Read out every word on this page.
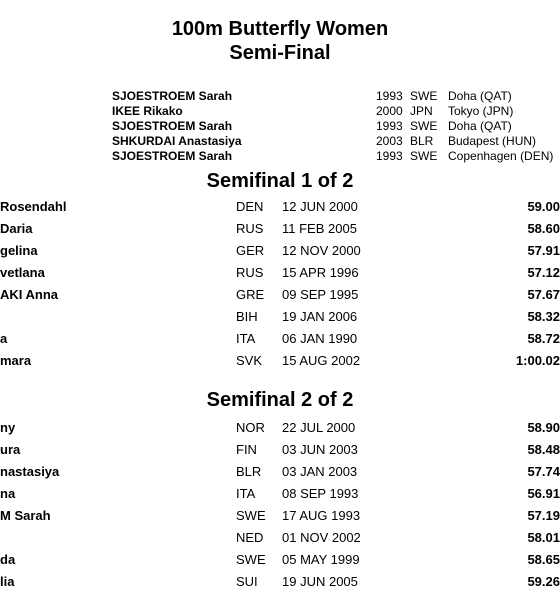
100m Butterfly Women
Semi-Final
SJOESTROEM Sarah	1993 SWE Doha (QAT)
IKEE Rikako	2000 JPN Tokyo (JPN)
SJOESTROEM Sarah	1993 SWE Doha (QAT)
SHKURDAI Anastasiya	2003 BLR Budapest (HUN)
SJOESTROEM Sarah	1993 SWE Copenhagen (DEN)
Semifinal 1 of 2
Rosendahl	DEN 12 JUN 2000	59.00
Daria	RUS 11 FEB 2005	58.60
gelina	GER 12 NOV 2000	57.91
vetlana	RUS 15 APR 1996	57.12
AKI Anna	GRE 09 SEP 1995	57.67
BIH 19 JAN 2006	58.32
a	ITA 06 JAN 1990	58.72
mara	SVK 15 AUG 2002	1:00.02
Semifinal 2 of 2
ny	NOR 22 JUL 2000	58.90
ura	FIN 03 JUN 2003	58.48
nastasiya	BLR 03 JAN 2003	57.74
na	ITA 08 SEP 1993	56.91
M Sarah	SWE 17 AUG 1993	57.19
NED 01 NOV 2002	58.01
da	SWE 05 MAY 1999	58.65
lia	SUI 19 JUN 2005	59.26
